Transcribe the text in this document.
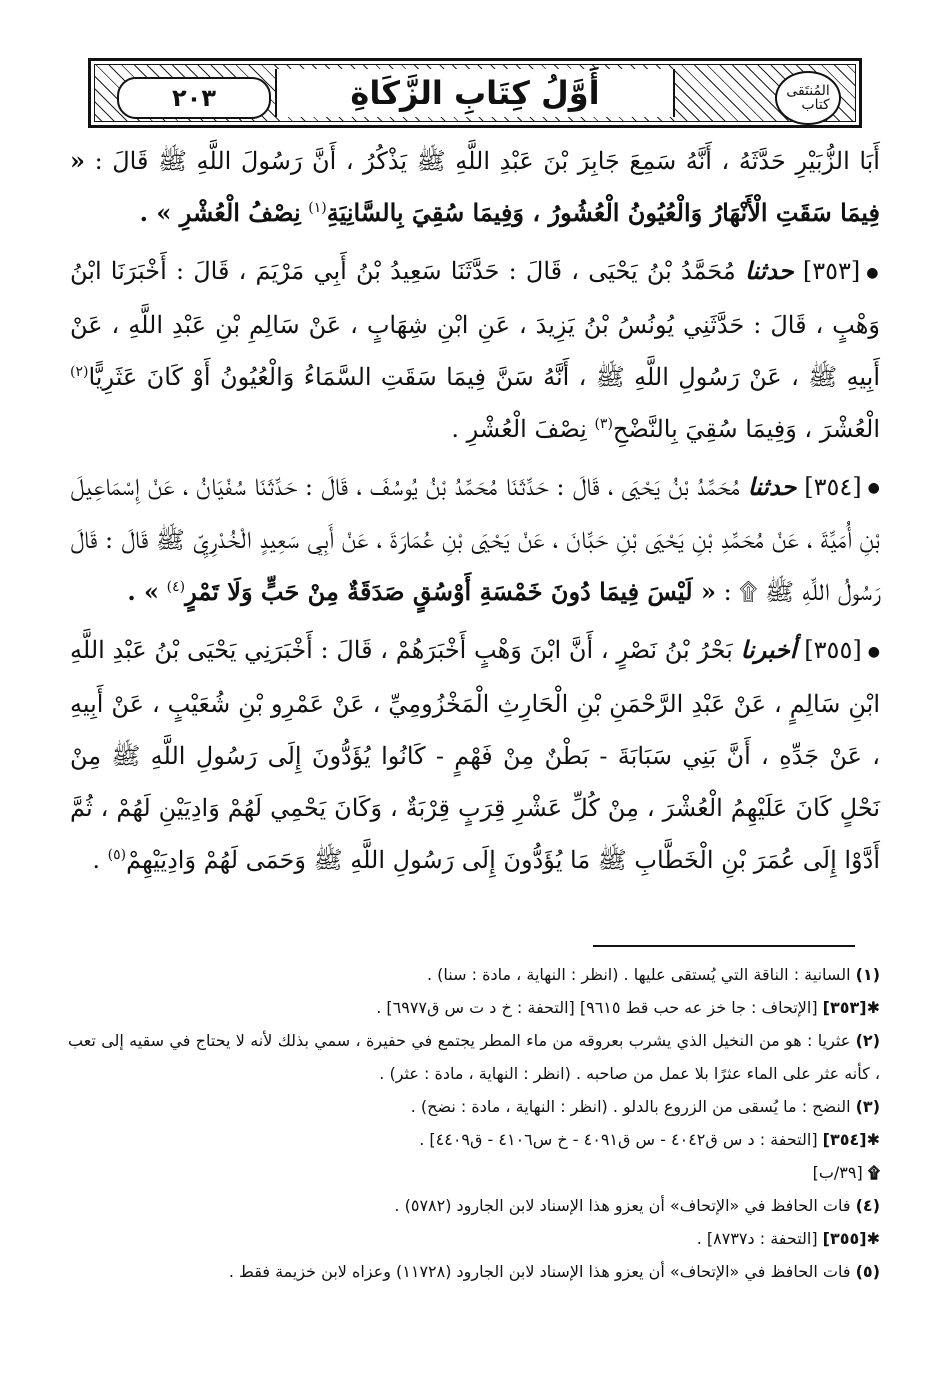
المُنتَقى
كتاب
أَوَّلُ كِتَابِ الزَّكَاةِ
٢٠٣

أَبَا الزُّبَيْرِ حَدَّثَهُ ، أَنَّهُ سَمِعَ جَابِرَ بْنَ عَبْدِ اللَّهِ ﷺ يَذْكُرُ ، أَنَّ رَسُولَ اللَّهِ ﷺ قَالَ : « فِيمَا سَقَتِ الْأَنْهَارُ وَالْعُيُونُ الْعُشُورُ ، وَفِيمَا سُقِيَ بِالسَّانِيَةِ$^{(١)}$ نِصْفُ الْعُشْرِ » .

●[٣٥٣] حدثنا مُحَمَّدُ بْنُ يَحْيَى ، قَالَ : حَدَّثَنَا سَعِيدُ بْنُ أَبِي مَرْيَمَ ، قَالَ : أَخْبَرَنَا ابْنُ وَهْبٍ ، قَالَ : حَدَّثَنِي يُونُسُ بْنُ يَزِيدَ ، عَنِ ابْنِ شِهَابٍ ، عَنْ سَالِمِ بْنِ عَبْدِ اللَّهِ ، عَنْ أَبِيهِ ﷺ ، عَنْ رَسُولِ اللَّهِ ﷺ ، أَنَّهُ سَنَّ فِيمَا سَقَتِ السَّمَاءُ وَالْعُيُونُ أَوْ كَانَ عَثَرِيًّا$^{(٢)}$ الْعُشْرَ ، وَفِيمَا سُقِيَ بِالنَّضْحِ$^{(٣)}$ نِصْفَ الْعُشْرِ .

●[٣٥٤] حدثنا مُحَمَّدُ بْنُ يَحْيَى ، قَالَ : حَدَّثَنَا مُحَمَّدُ بْنُ يُوسُفَ ، قَالَ : حَدَّثَنَا سُفْيَانُ ، عَنْ إِسْمَاعِيلَ بْنِ أُمَيَّةَ ، عَنْ مُحَمَّدِ بْنِ يَحْيَى بْنِ حَبَّانَ ، عَنْ يَحْيَى بْنِ عُمَارَةَ ، عَنْ أَبِي سَعِيدٍ الْخُدْرِيِّ ﷺ قَالَ : قَالَ رَسُولُ اللَّهِ ﷺ ۩ : « لَيْسَ فِيمَا دُونَ خَمْسَةِ أَوْسُقٍ صَدَقَةٌ مِنْ حَبٍّ وَلَا تَمْرٍ$^{(٤)}$ » .

●[٣٥٥] أخبرنا بَحْرُ بْنُ نَصْرٍ ، أَنَّ ابْنَ وَهْبٍ أَخْبَرَهُمْ ، قَالَ : أَخْبَرَنِي يَحْيَى بْنُ عَبْدِ اللَّهِ ابْنِ سَالِمٍ ، عَنْ عَبْدِ الرَّحْمَنِ بْنِ الْحَارِثِ الْمَخْزُومِيِّ ، عَنْ عَمْرِو بْنِ شُعَيْبٍ ، عَنْ أَبِيهِ ، عَنْ جَدِّهِ ، أَنَّ بَنِي سَبَابَةَ - بَطْنٌ مِنْ فَهْمٍ - كَانُوا يُؤَدُّونَ إِلَى رَسُولِ اللَّهِ ﷺ مِنْ نَحْلٍ كَانَ عَلَيْهِمُ الْعُشْرَ ، مِنْ كُلِّ عَشْرِ قِرَبٍ قِرْبَةٌ ، وَكَانَ يَحْمِي لَهُمْ وَادِيَيْنِ لَهُمْ ، ثُمَّ أَدَّوْا إِلَى عُمَرَ بْنِ الْخَطَّابِ ﷺ مَا يُؤَدُّونَ إِلَى رَسُولِ اللَّهِ ﷺ وَحَمَى لَهُمْ وَادِيَيْهِمْ$^{(٥)}$ .

(١) السانية : الناقة التي يُستقى عليها . (انظر : النهاية ، مادة : سنا) .

✱[٣٥٣] [الإتحاف : جا خز عه حب قط ٩٦١٥] [التحفة : خ د ت س ق٦٩٧٧] .

(٢) عثريا : هو من النخيل الذي يشرب بعروقه من ماء المطر يجتمع في حفيرة ، سمي بذلك لأنه لا يحتاج في سقيه إلى تعب ، كأنه عثر على الماء عثرًا بلا عمل من صاحبه . (انظر : النهاية ، مادة : عثر) .

(٣) النضح : ما يُسقى من الزروع بالدلو . (انظر : النهاية ، مادة : نضح) .

✱[٣٥٤] [التحفة : د س ق٤٠٤٢ - س ق٤٠٩١ - خ س٤١٠٦ - ق٤٤٠٩] .

۩ [٣٩/ب]

(٤) فات الحافظ في «الإتحاف» أن يعزو هذا الإسناد لابن الجارود (٥٧٨٢) .

✱[٣٥٥] [التحفة : د٨٧٣٧] .

(٥) فات الحافظ في «الإتحاف» أن يعزو هذا الإسناد لابن الجارود (١١٧٢٨) وعزاه لابن خزيمة فقط .
